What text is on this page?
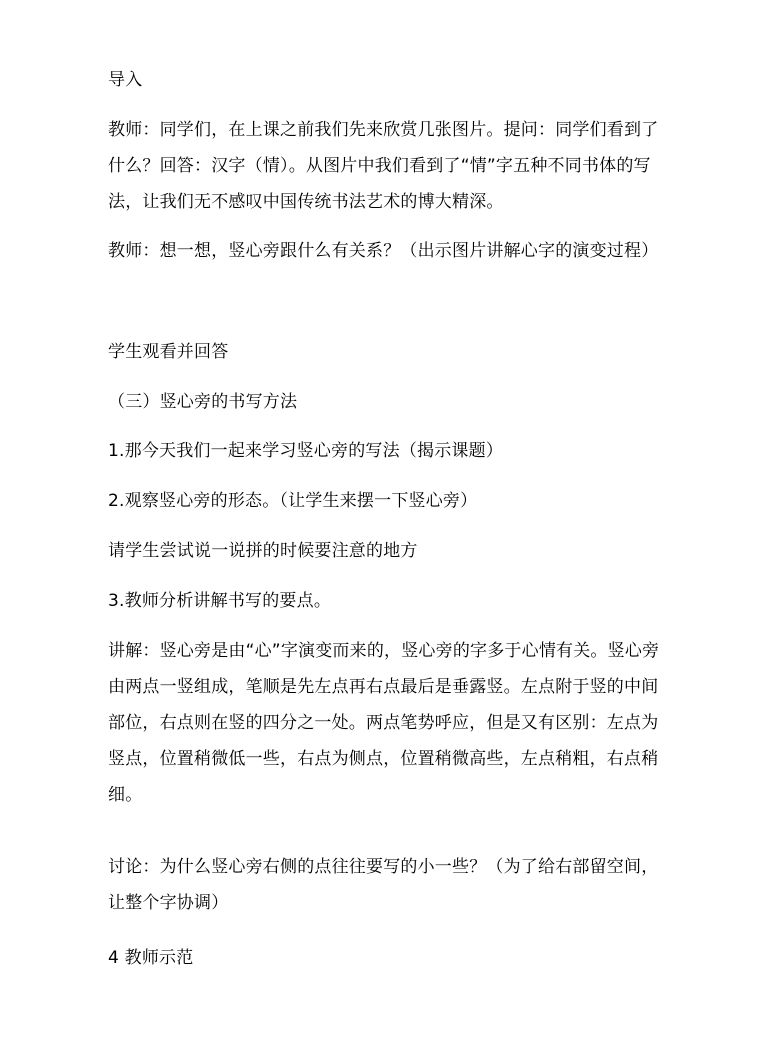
导入
教师：同学们，在上课之前我们先来欣赏几张图片。提问：同学们看到了什么？回答：汉字（情）。从图片中我们看到了“情”字五种不同书体的写法，让我们无不感叹中国传统书法艺术的博大精深。
教师：想一想，竖心旁跟什么有关系？（出示图片讲解心字的演变过程）
学生观看并回答
（三）竖心旁的书写方法
1.那今天我们一起来学习竖心旁的写法（揭示课题）
2.观察竖心旁的形态。（让学生来摆一下竖心旁）
请学生尝试说一说拼的时候要注意的地方
3.教师分析讲解书写的要点。
讲解：竖心旁是由“心”字演变而来的，竖心旁的字多于心情有关。竖心旁由两点一竖组成，笔顺是先左点再右点最后是垂露竖。左点附于竖的中间部位，右点则在竖的四分之一处。两点笔势呼应，但是又有区别：左点为竖点，位置稍微低一些，右点为侧点，位置稍微高些，左点稍粗，右点稍细。
讨论：为什么竖心旁右侧的点往往要写的小一些？（为了给右部留空间，让整个字协调）
4 教师示范
